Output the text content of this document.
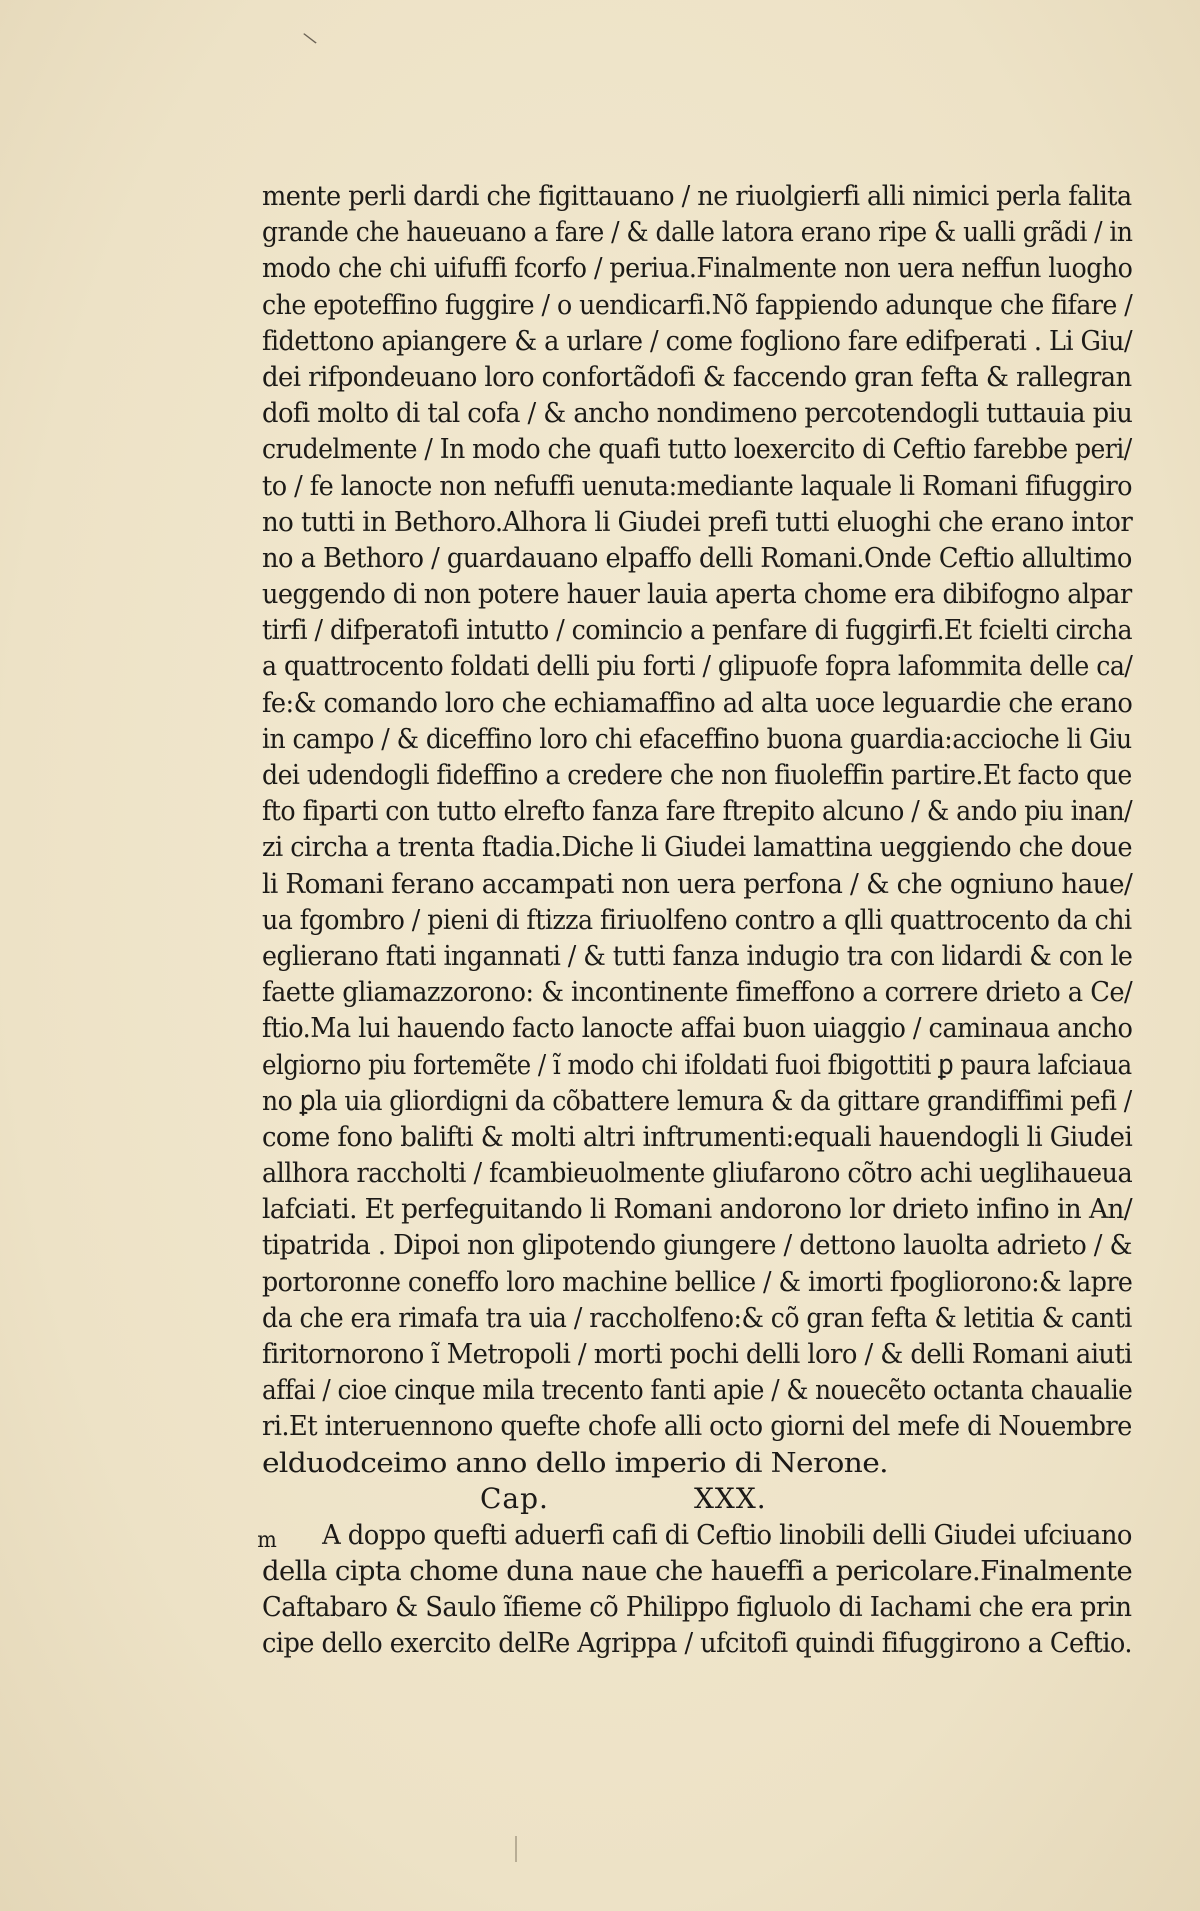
\
mente perli dardi che figittauano / ne riuolgierfi alli nimici perla falita
grande che haueuano a fare / & dalle latora erano ripe & ualli grãdi / in
modo che chi uifuffi fcorfo / periua.Finalmente non uera neffun luogho
che epoteffino fuggire / o uendicarfi.Nõ fappiendo adunque che fifare /
fidettono apiangere & a urlare / come fogliono fare edifperati . Li Giu/
dei rifpondeuano loro confortãdofi & faccendo gran fefta & rallegran
dofi molto di tal cofa / & ancho nondimeno percotendogli tuttauia piu
crudelmente / In modo che quafi tutto loexercito di Ceftio farebbe peri/
to / fe lanocte non nefuffi uenuta:mediante laquale li Romani fifuggiro
no tutti in Bethoro.Alhora li Giudei prefi tutti eluoghi che erano intor
no a Bethoro / guardauano elpaffo delli Romani.Onde Ceftio allultimo
ueggendo di non potere hauer lauia aperta chome era dibifogno alpar
tirfi / difperatofi intutto / comincio a penfare di fuggirfi.Et fcielti circha
a quattrocento foldati delli piu forti / glipuofe fopra lafommita delle ca/
fe:& comando loro che echiamaffino ad alta uoce leguardie che erano
in campo / & diceffino loro chi efaceffino buona guardia:accioche li Giu
dei udendogli fideffino a credere che non fiuoleffin partire.Et facto que
fto fiparti con tutto elrefto fanza fare ftrepito alcuno / & ando piu inan/
zi circha a trenta ftadia.Diche li Giudei lamattina ueggiendo che doue
li Romani ferano accampati non uera perfona / & che ogniuno haue/
ua fgombro / pieni di ftizza firiuolfeno contro a qlli quattrocento da chi
eglierano ftati ingannati / & tutti fanza indugio tra con lidardi & con le
faette gliamazzorono: & incontinente fimeffono a correre drieto a Ce/
ftio.Ma lui hauendo facto lanocte affai buon uiaggio / caminaua ancho
elgiorno piu fortemẽte / ĩ modo chi ifoldati fuoi fbigottiti ꝑ paura lafciaua
no ꝑla uia gliordigni da cõbattere lemura & da gittare grandiffimi pefi /
come fono balifti & molti altri inftrumenti:equali hauendogli li Giudei
allhora raccholti / fcambieuolmente gliufarono cõtro achi ueglihaueua
lafciati. Et perfeguitando li Romani andorono lor drieto infino in An/
tipatrida . Dipoi non glipotendo giungere / dettono lauolta adrieto / &
portoronne coneffo loro machine bellice / & imorti fpogliorono:& lapre
da che era rimafa tra uia / raccholfeno:& cõ gran fefta & letitia & canti
firitornorono ĩ Metropoli / morti pochi delli loro / & delli Romani aiuti
affai / cioe cinque mila trecento fanti apie / & nouecẽto octanta chaualie
ri.Et interuennono quefte chofe alli octo giorni del mefe di Nouembre
elduodceimo anno dello imperio di Nerone.
Cap.	XXX.
m A doppo quefti aduerfi cafi di Ceftio linobili delli Giudei ufciuano
della cipta chome duna naue che haueffi a pericolare.Finalmente
Caftabaro & Saulo ĩfieme cõ Philippo figluolo di Iachami che era prin
cipe dello exercito delRe Agrippa / ufcitofi quindi fifuggirono a Ceftio.
